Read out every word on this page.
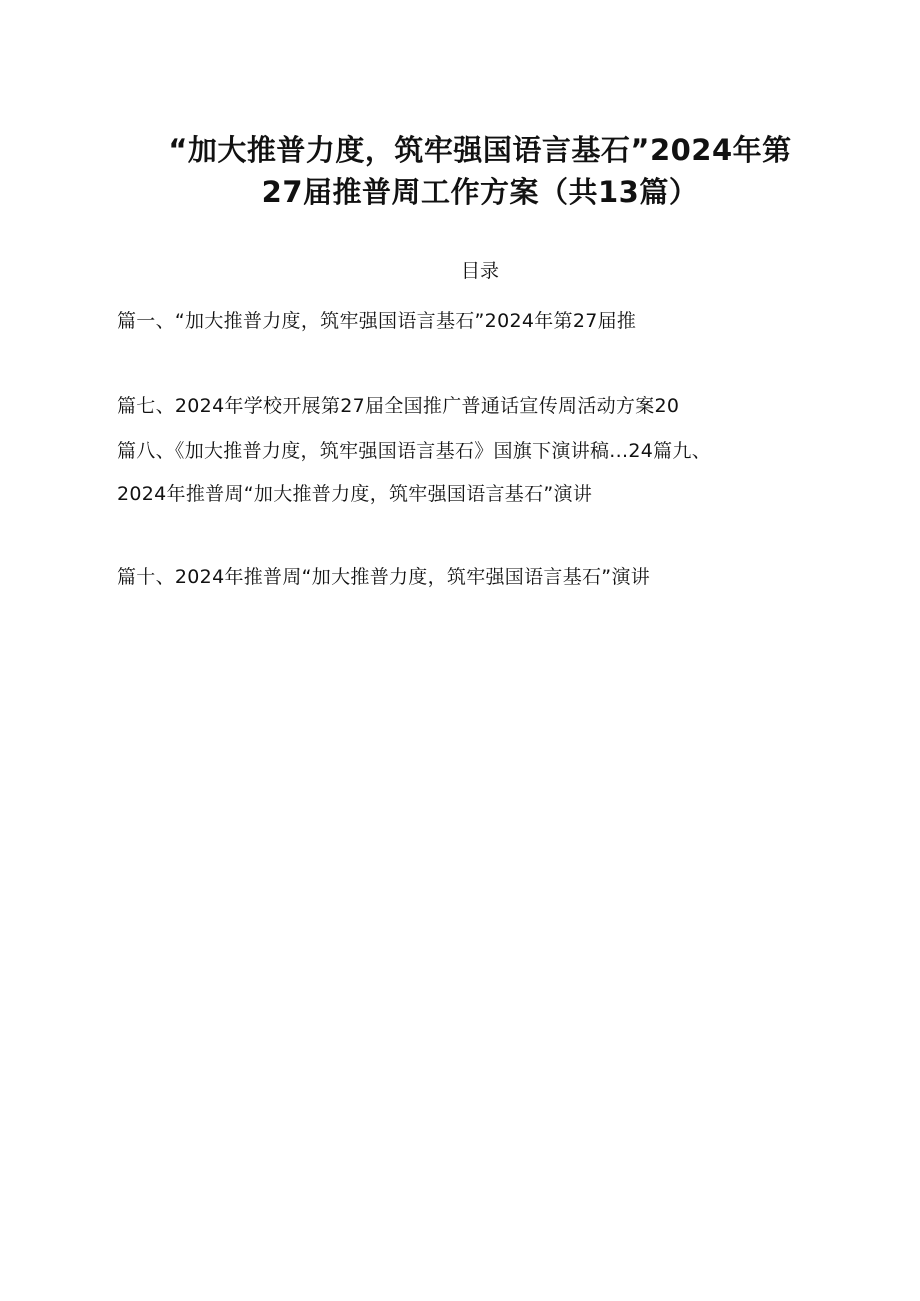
“加大推普力度，筑牢强国语言基石”2024年第
27届推普周工作方案（共13篇）
目录
篇一、“加大推普力度，筑牢强国语言基石”2024年第27届推
篇七、2024年学校开展第27届全国推广普通话宣传周活动方案20
篇八、《加大推普力度，筑牢强国语言基石》国旗下演讲稿...24篇九、
2024年推普周“加大推普力度，筑牢强国语言基石”演讲
篇十、2024年推普周“加大推普力度，筑牢强国语言基石”演讲
